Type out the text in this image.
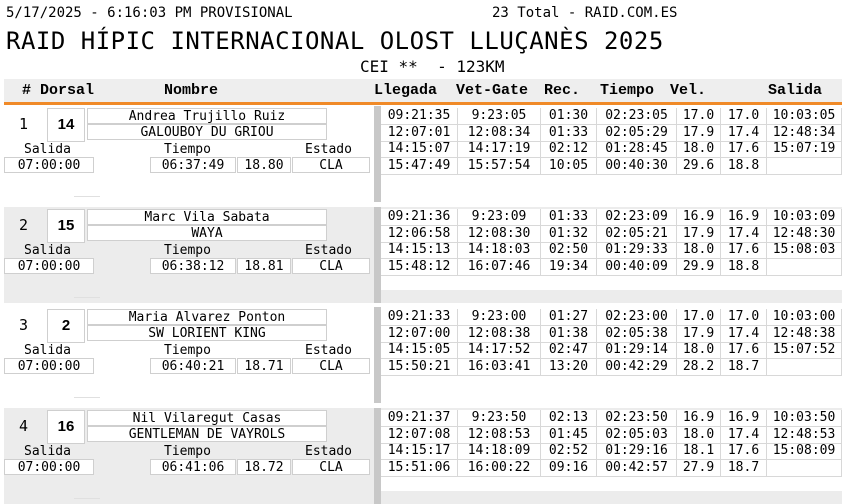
5/17/2025 - 6:16:03 PM PROVISIONAL	23 Total - RAID.COM.ES
RAID HÍPIC INTERNACIONAL OLOST LLUÇANÈS 2025
CEI **  - 123KM
# Dorsal	Nombre	Llegada Vet-Gate Rec. Tiempo Vel.	Salida
1	14	Andrea Trujillo Ruiz
GALOUBOY DU GRIOU
Salida	Tiempo	Estado
07:00:00	06:37:49	18.80	CLA
09:21:35	9:23:05	01:30	02:23:05	17.0	17.0	10:03:05
12:07:01	12:08:34	01:33	02:05:29	17.9	17.4	12:48:34
14:15:07	14:17:19	02:12	01:28:45	18.0	17.6	15:07:19
15:47:49	15:57:54	10:05	00:40:30	29.6	18.8
2	15	Marc Vila Sabata
WAYA
Salida	Tiempo	Estado
07:00:00	06:38:12	18.81	CLA
09:21:36	9:23:09	01:33	02:23:09	16.9	16.9	10:03:09
12:06:58	12:08:30	01:32	02:05:21	17.9	17.4	12:48:30
14:15:13	14:18:03	02:50	01:29:33	18.0	17.6	15:08:03
15:48:12	16:07:46	19:34	00:40:09	29.9	18.8
3	2	Maria Alvarez Ponton
SW LORIENT KING
Salida	Tiempo	Estado
07:00:00	06:40:21	18.71	CLA
09:21:33	9:23:00	01:27	02:23:00	17.0	17.0	10:03:00
12:07:00	12:08:38	01:38	02:05:38	17.9	17.4	12:48:38
14:15:05	14:17:52	02:47	01:29:14	18.0	17.6	15:07:52
15:50:21	16:03:41	13:20	00:42:29	28.2	18.7
4	16	Nil Vilaregut Casas
GENTLEMAN DE VAYROLS
Salida	Tiempo	Estado
07:00:00	06:41:06	18.72	CLA
09:21:37	9:23:50	02:13	02:23:50	16.9	16.9	10:03:50
12:07:08	12:08:53	01:45	02:05:03	18.0	17.4	12:48:53
14:15:17	14:18:09	02:52	01:29:16	18.1	17.6	15:08:09
15:51:06	16:00:22	09:16	00:42:57	27.9	18.7
